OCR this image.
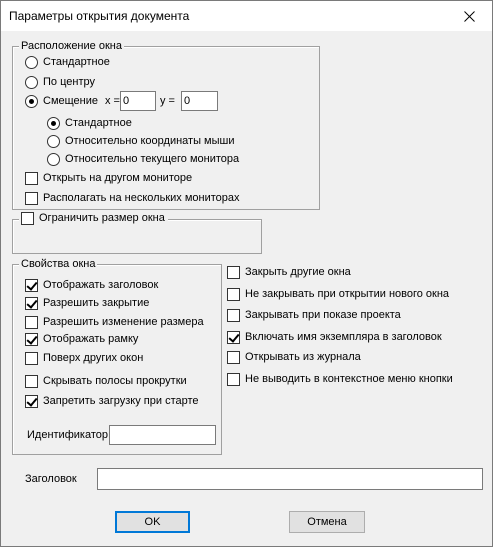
Параметры открытия документа
Расположение окна
Стандартное
По центру
Смещение x =
0	y =
0
Стандартное
Относительно координаты мыши
Относительно текущего монитора
Открыть на другом мониторе
Располагать на нескольких мониторах
Ограничить размер окна
Свойства окна
Отображать заголовок
Разрешить закрытие
Разрешить изменение размера
Отображать рамку
Поверх других окон
Скрывать полосы прокрутки
Запретить загрузку при старте
Идентификатор
Закрыть другие окна
Не закрывать при открытии нового окна
Закрывать при показе проекта
Включать имя экземпляра в заголовок
Открывать из журнала
Не выводить в контекстное меню кнопки
Заголовок
OK	Отмена
